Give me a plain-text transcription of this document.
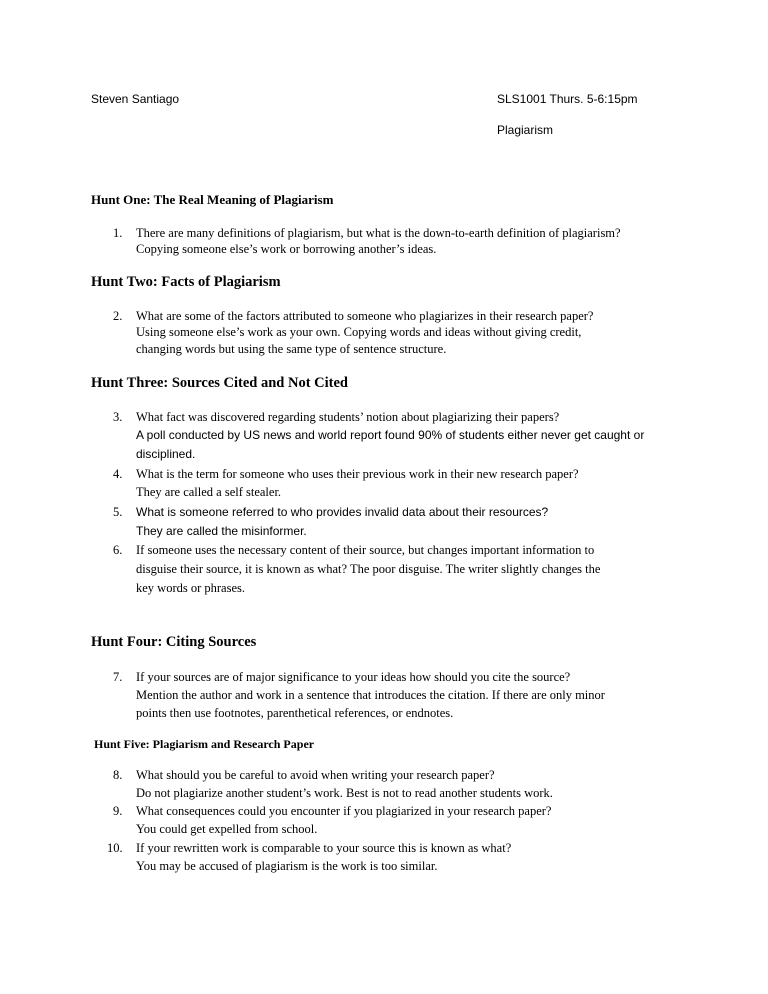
Steven Santiago	SLS1001 Thurs. 5-6:15pm
Plagiarism
Hunt One: The Real Meaning of Plagiarism
1. There are many definitions of plagiarism, but what is the down-to-earth definition of plagiarism?
Copying someone else’s work or borrowing another’s ideas.
Hunt Two: Facts of Plagiarism
2. What are some of the factors attributed to someone who plagiarizes in their research paper?
Using someone else’s work as your own. Copying words and ideas without giving credit,
changing words but using the same type of sentence structure.
Hunt Three: Sources Cited and Not Cited
3. What fact was discovered regarding students’ notion about plagiarizing their papers?
A poll conducted by US news and world report found 90% of students either never get caught or
disciplined.
4. What is the term for someone who uses their previous work in their new research paper?
They are called a self stealer.
5. What is someone referred to who provides invalid data about their resources?
They are called the misinformer.
6. If someone uses the necessary content of their source, but changes important information to
disguise their source, it is known as what? The poor disguise. The writer slightly changes the
key words or phrases.
Hunt Four: Citing Sources
7. If your sources are of major significance to your ideas how should you cite the source?
Mention the author and work in a sentence that introduces the citation. If there are only minor
points then use footnotes, parenthetical references, or endnotes.
Hunt Five: Plagiarism and Research Paper
8. What should you be careful to avoid when writing your research paper?
Do not plagiarize another student’s work. Best is not to read another students work.
9. What consequences could you encounter if you plagiarized in your research paper?
You could get expelled from school.
10. If your rewritten work is comparable to your source this is known as what?
You may be accused of plagiarism is the work is too similar.
